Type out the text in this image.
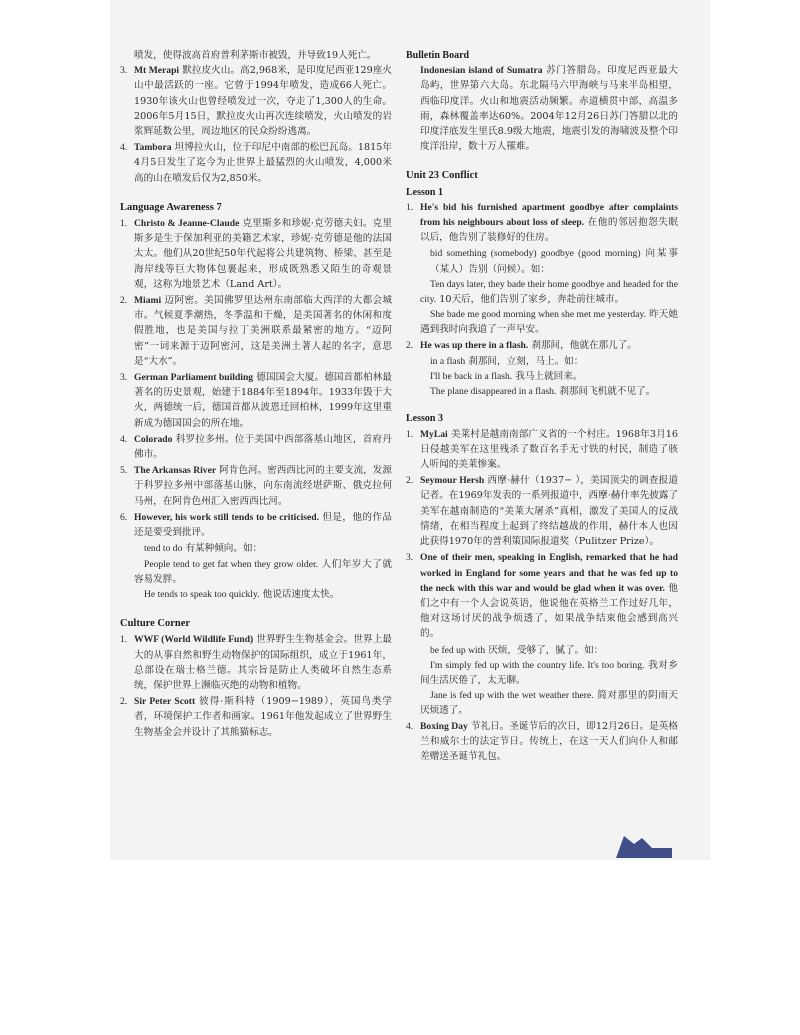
喷发，使得波高首府普利茅斯市被毁，并导致19人死亡。

3. Mt Merapi 默拉皮火山。高2,968米，是印度尼西亚129座火山中最活跃的一座。它曾于1994年喷发，造成66人死亡。1930年该火山也曾经喷发过一次，夺走了1,300人的生命。2006年5月15日，默拉皮火山再次连续喷发，火山喷发的岩浆辉延数公里，周边地区的民众纷纷逃离。
4. Tambora 坦博拉火山，位于印尼中南部的松巴瓦岛。1815年4月5日发生了迄今为止世界上最猛烈的火山喷发，4,000米高的山在喷发后仅为2,850米。
Language Awareness 7
1. Christo & Jeanne-Claude 克里斯多和珍妮·克劳德夫妇。克里斯多是生于保加利亚的美籍艺术家，珍妮·克劳德是他的法国太太。他们从20世纪50年代起将公共建筑物、桥梁、甚至是海岸线等巨大物体包裹起来，形成既熟悉又陌生的奇观景观，这称为地景艺术（Land Art）。
2. Miami 迈阿密。美国佛罗里达州东南部临大西洋的大都会城市。气候夏季潮热，冬季温和干燥，是美国著名的休闲和度假胜地，也是美国与拉丁美洲联系最紧密的地方。“迈阿密”一词来源于迈阿密河，这是美洲土著人起的名字，意思是“大水”。
3. German Parliament building 德国国会大厦。德国首都柏林最著名的历史景观，始建于1884年至1894年。1933年毁于大火，两德统一后，德国首都从波恩迁回柏林，1999年这里重新成为德国国会的所在地。
4. Colorado 科罗拉多州。位于美国中西部落基山地区，首府丹佛市。
5. The Arkansas River 阿肯色河。密西西比河的主要支流，发源于科罗拉多州中部落基山脉，向东南流经堪萨斯、俄克拉何马州，在阿肯色州汇入密西西比河。
6. However, his work still tends to be criticised. 但是，他的作品还是要受到批评。

tend to do 有某种倾向。如：

People tend to get fat when they grow older. 人们年岁大了就容易发胖。

He tends to speak too quickly. 他说话速度太快。

Culture Corner
1. WWF (World Wildlife Fund) 世界野生生物基金会。世界上最大的从事自然和野生动物保护的国际组织，成立于1961年，总部设在瑞士格兰德。其宗旨是防止人类破坏自然生态系统，保护世界上濒临灭绝的动物和植物。
2. Sir Peter Scott 彼得·斯科特（1909−1989），英国鸟类学者，环境保护工作者和画家。1961年他发起成立了世界野生生物基金会并设计了其熊猫标志。
Bulletin Board

Indonesian island of Sumatra 苏门答腊岛。印度尼西亚最大岛屿，世界第六大岛。东北隔马六甲海峡与马来半岛相望，西临印度洋。火山和地震活动频繁。赤道横贯中部，高温多雨，森林覆盖率达60%。2004年12月26日苏门答腊以北的印度洋底发生里氏8.9级大地震，地震引发的海啸波及整个印度洋沿岸，数十万人罹难。

Unit 23 Conflict
Lesson 1
1. He's bid his furnished apartment goodbye after complaints from his neighbours about loss of sleep. 在他的邻居抱怨失眠以后，他告别了装修好的住房。

bid something (somebody) goodbye (good morning) 向某事（某人）告别（问候）。如：

Ten days later, they bade their home goodbye and headed for the city. 10天后，他们告别了家乡，奔赴前往城市。

She bade me good morning when she met me yesterday. 昨天她遇到我时向我道了一声早安。

2. He was up there in a flash. 刹那间，他就在那儿了。

in a flash 刹那间，立刻，马上。如：

I'll be back in a flash. 我马上就回来。

The plane disappeared in a flash. 刹那间飞机就不见了。

Lesson 3
1. MyLai 美莱村是越南南部广义省的一个村庄。1968年3月16日侵越美军在这里残杀了数百名手无寸铁的村民，制造了骇人听闻的美莱惨案。
2. Seymour Hersh 西摩·赫什（1937− ），美国顶尖的调查报道记者。在1969年发表的一系列报道中，西摩·赫什率先披露了美军在越南制造的“美莱大屠杀”真相，激发了美国人的反战情绪，在相当程度上起到了终结越战的作用，赫什本人也因此获得1970年的普利策国际报道奖（Pulitzer Prize）。
3. One of their men, speaking in English, remarked that he had worked in England for some years and that he was fed up to the neck with this war and would be glad when it was over. 他们之中有一个人会说英语，他说他在英格兰工作过好几年，他对这场讨厌的战争烦透了，如果战争结束他会感到高兴的。

be fed up with 厌烦，受够了，腻了。如：

I'm simply fed up with the country life. It's too boring. 我对乡间生活厌倦了，太无聊。

Jane is fed up with the wet weather there. 简对那里的阴雨天厌烦透了。

4. Boxing Day 节礼日。圣诞节后的次日，即12月26日。是英格兰和威尔士的法定节日。传统上，在这一天人们向仆人和邮差赠送圣诞节礼包。
